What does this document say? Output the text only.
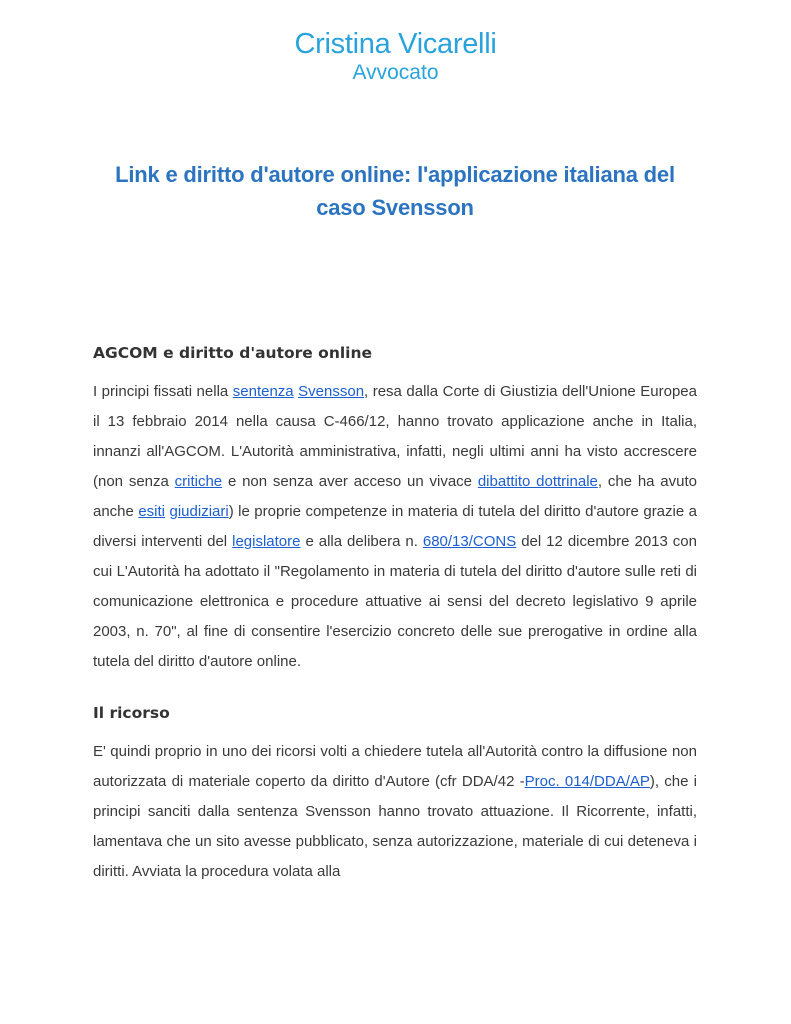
Cristina Vicarelli
Avvocato
Link e diritto d'autore online: l'applicazione italiana del caso Svensson
AGCOM e diritto d'autore online

I principi fissati nella sentenza Svensson, resa dalla Corte di Giustizia dell'Unione Europea il 13 febbraio 2014 nella causa C-466/12, hanno trovato applicazione anche in Italia, innanzi all'AGCOM. L'Autorità amministrativa, infatti, negli ultimi anni ha visto accrescere (non senza critiche e non senza aver acceso un vivace dibattito dottrinale, che ha avuto anche esiti giudiziari) le proprie competenze in materia di tutela del diritto d'autore grazie a diversi interventi del legislatore e alla delibera n. 680/13/CONS del 12 dicembre 2013 con cui L'Autorità ha adottato il "Regolamento in materia di tutela del diritto d'autore sulle reti di comunicazione elettronica e procedure attuative ai sensi del decreto legislativo 9 aprile 2003, n. 70", al fine di consentire l'esercizio concreto delle sue prerogative in ordine alla tutela del diritto d'autore online.

Il ricorso

E' quindi proprio in uno dei ricorsi volti a chiedere tutela all'Autorità contro la diffusione non autorizzata di materiale coperto da diritto d'Autore (cfr DDA/42 -Proc. 014/DDA/AP), che i principi sanciti dalla sentenza Svensson hanno trovato attuazione. Il Ricorrente, infatti, lamentava che un sito avesse pubblicato, senza autorizzazione, materiale di cui deteneva i diritti. Avviata la procedura volata alla
